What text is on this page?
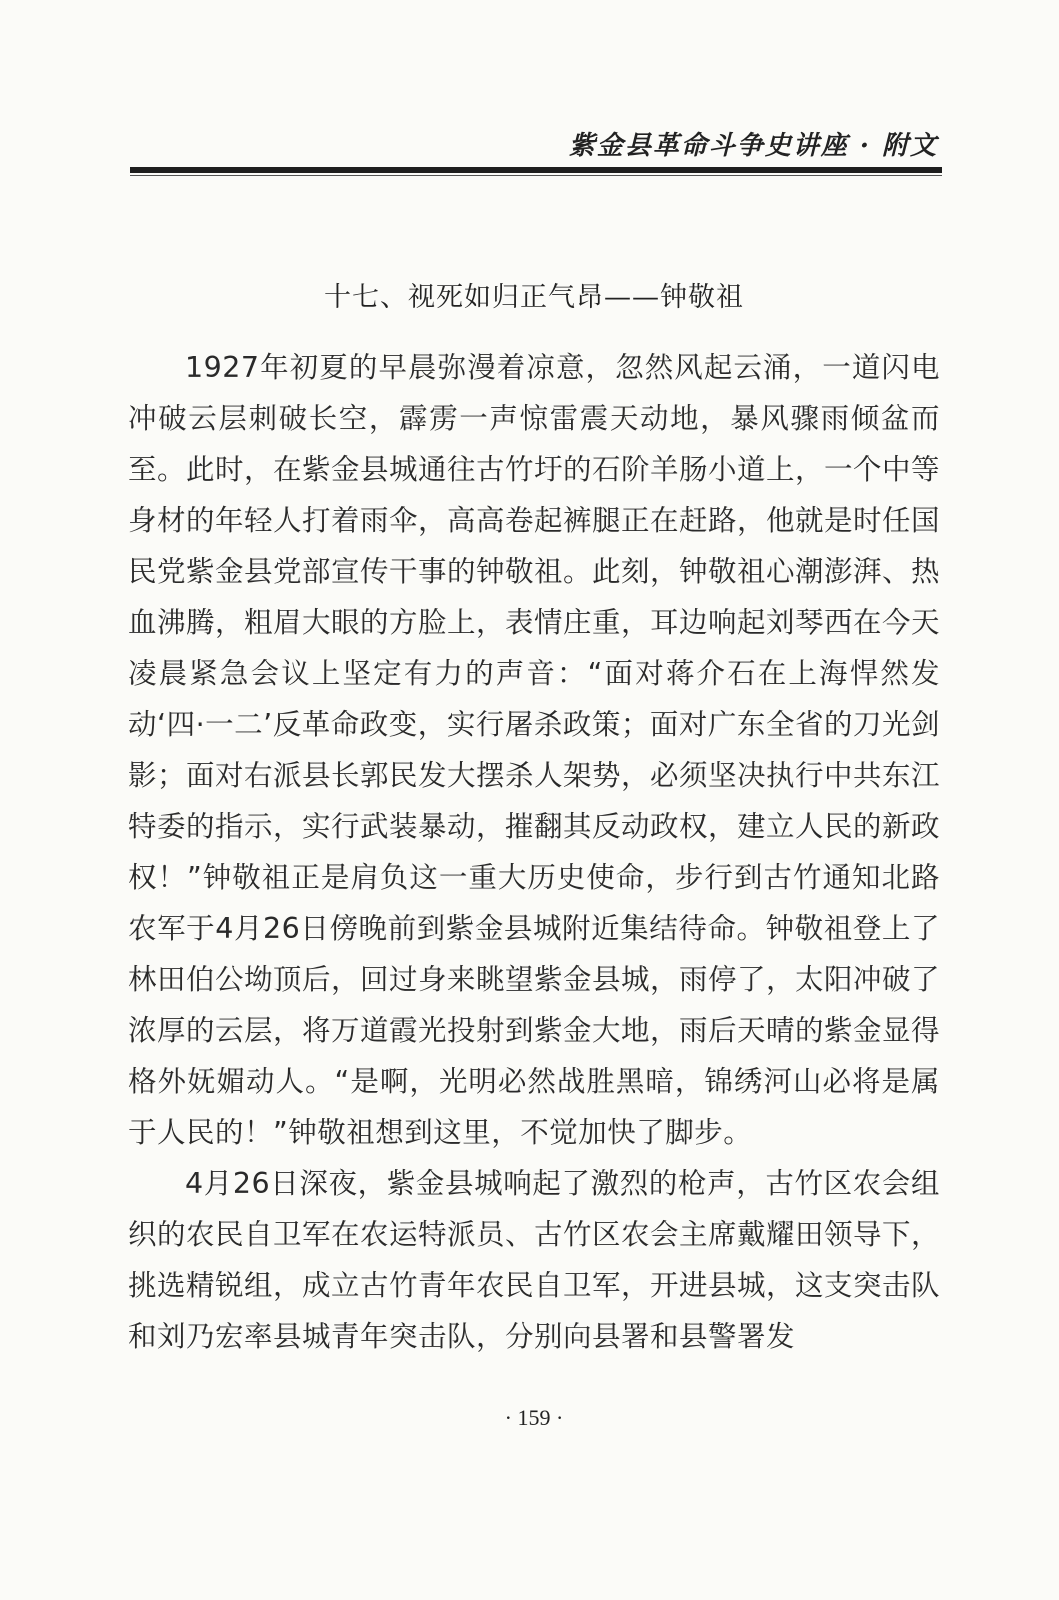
紫金县革命斗争史讲座 · 附文
十七、视死如归正气昂——钟敬祖

1927年初夏的早晨弥漫着凉意，忽然风起云涌，一道闪电冲破云层刺破长空，霹雳一声惊雷震天动地，暴风骤雨倾盆而至。此时，在紫金县城通往古竹圩的石阶羊肠小道上，一个中等身材的年轻人打着雨伞，高高卷起裤腿正在赶路，他就是时任国民党紫金县党部宣传干事的钟敬祖。此刻，钟敬祖心潮澎湃、热血沸腾，粗眉大眼的方脸上，表情庄重，耳边响起刘琴西在今天凌晨紧急会议上坚定有力的声音：“面对蒋介石在上海悍然发动‘四·一二’反革命政变，实行屠杀政策；面对广东全省的刀光剑影；面对右派县长郭民发大摆杀人架势，必须坚决执行中共东江特委的指示，实行武装暴动，摧翻其反动政权，建立人民的新政权！”钟敬祖正是肩负这一重大历史使命，步行到古竹通知北路农军于4月26日傍晚前到紫金县城附近集结待命。钟敬祖登上了林田伯公坳顶后，回过身来眺望紫金县城，雨停了，太阳冲破了浓厚的云层，将万道霞光投射到紫金大地，雨后天晴的紫金显得格外妩媚动人。“是啊，光明必然战胜黑暗，锦绣河山必将是属于人民的！”钟敬祖想到这里，不觉加快了脚步。

4月26日深夜，紫金县城响起了激烈的枪声，古竹区农会组织的农民自卫军在农运特派员、古竹区农会主席戴耀田领导下，挑选精锐组，成立古竹青年农民自卫军，开进县城，这支突击队和刘乃宏率县城青年突击队，分别向县署和县警署发

· 159 ·
